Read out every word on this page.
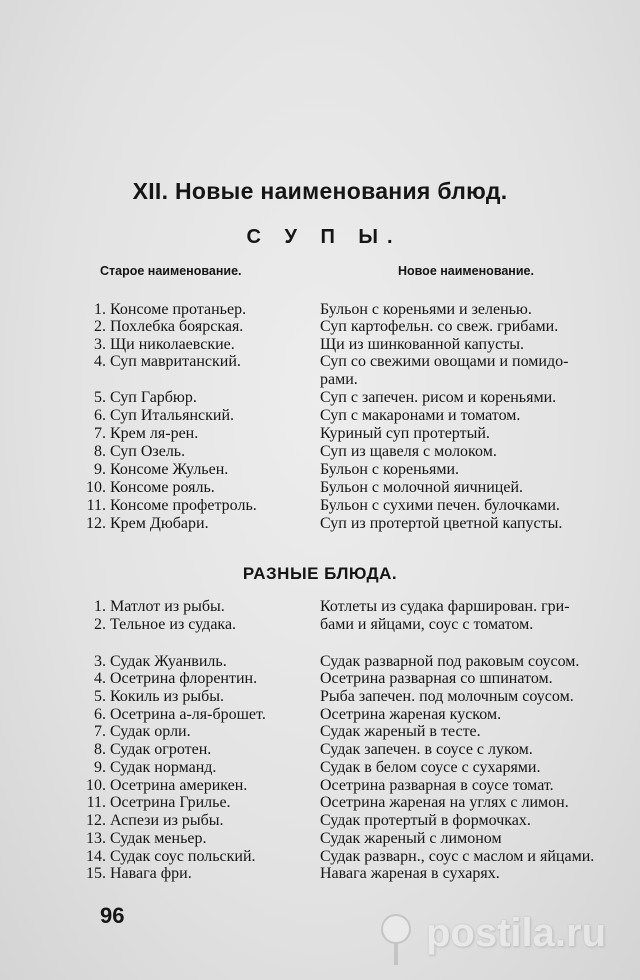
XII. Новые наименования блюд.
С У П Ы.
Старое наименование.	Новое наименование.
1. Консоме протаньер.	Бульон с кореньями и зеленью.
2. Похлебка боярская.	Суп картофельн. со свеж. грибами.
3. Щи николаевские.	Щи из шинкованной капусты.
4. Суп мавританский.	Суп со свежими овощами и помидо-
рами.
5. Суп Гарбюр.	Суп с запечен. рисом и кореньями.
6. Суп Итальянский.	Суп с макаронами и томатом.
7. Крем ля-рен.	Куриный суп протертый.
8. Суп Озель.	Суп из щавеля с молоком.
9. Консоме Жульен.	Бульон с кореньями.
10. Консоме рояль.	Бульон с молочной яичницей.
11. Консоме профетроль.	Бульон с сухими печен. булочками.
12. Крем Дюбари.	Суп из протертой цветной капусты.
РАЗНЫЕ БЛЮДА.
1. Матлот из рыбы.	Котлеты из судака фарширован. гри-
2. Тельное из судака.	бами и яйцами, соус с томатом.
3. Судак Жуанвиль.	Судак разварной под раковым соусом.
4. Осетрина флорентин.	Осетрина разварная со шпинатом.
5. Кокиль из рыбы.	Рыба запечен. под молочным соусом.
6. Осетрина а-ля-брошет.	Осетрина жареная куском.
7. Судак орли.	Судак жареный в тесте.
8. Судак огротен.	Судак запечен. в соусе с луком.
9. Судак норманд.	Судак в белом соусе с сухарями.
10. Осетрина америкен.	Осетрина разварная в соусе томат.
11. Осетрина Грилье.	Осетрина жареная на углях с лимон.
12. Аспези из рыбы.	Судак протертый в формочках.
13. Судак меньер.	Судак жареный с лимоном
14. Судак соус польский.	Судак разварн., соус с маслом и яйцами.
15. Навага фри.	Навага жареная в сухарях.
96	postila.ru
